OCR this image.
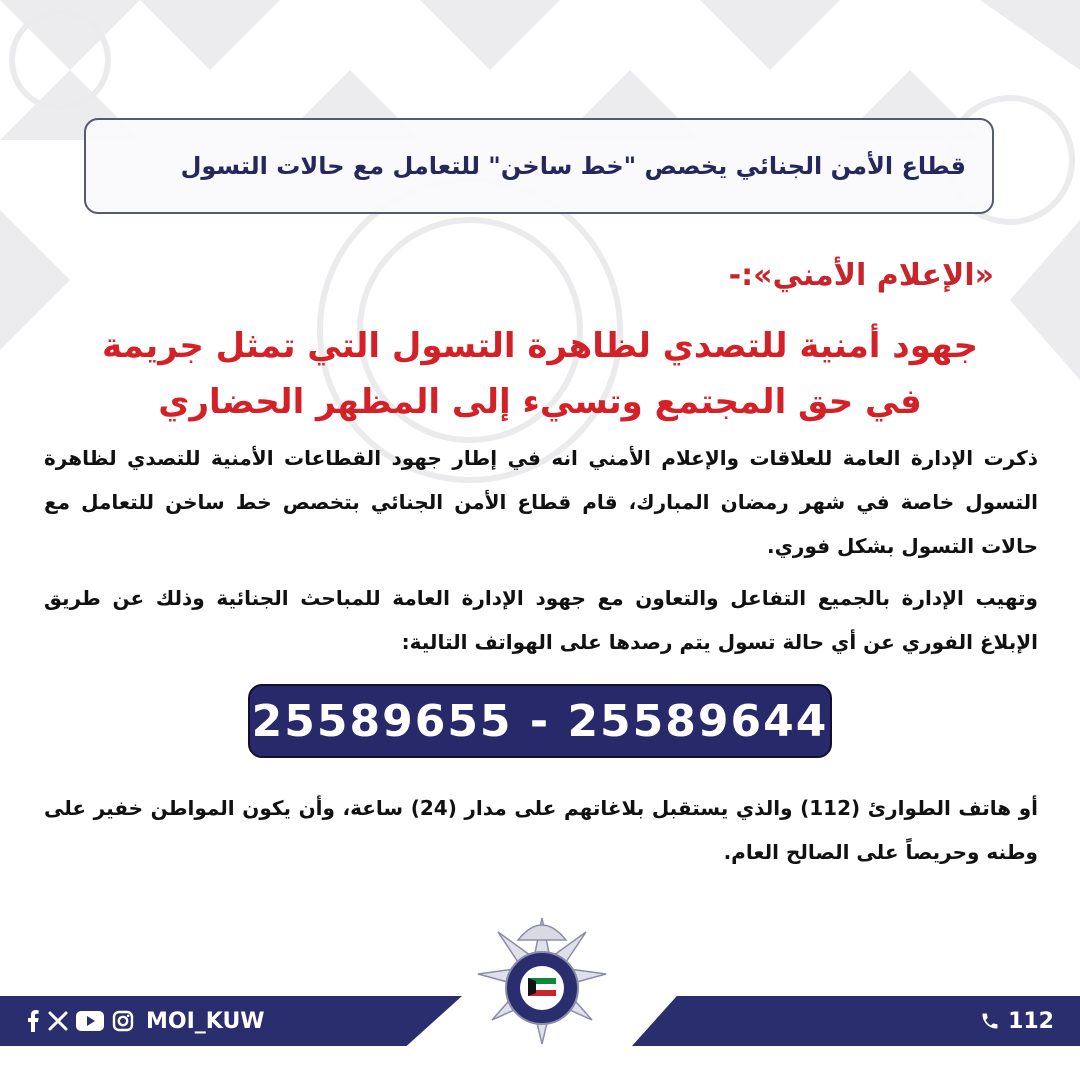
قطاع الأمن الجنائي يخصص "خط ساخن" للتعامل مع حالات التسول
«الإعلام الأمني»:-
جهود أمنية للتصدي لظاهرة التسول التي تمثل جريمة
في حق المجتمع وتسيء إلى المظهر الحضاري
ذكرت الإدارة العامة للعلاقات والإعلام الأمني انه في إطار جهود القطاعات الأمنية للتصدي لظاهرة التسول خاصة في شهر رمضان المبارك، قام قطاع الأمن الجنائي بتخصص خط ساخن للتعامل مع حالات التسول بشكل فوري.
وتهيب الإدارة بالجميع التفاعل والتعاون مع جهود الإدارة العامة للمباحث الجنائية وذلك عن طريق الإبلاغ الفوري عن أي حالة تسول يتم رصدها على الهواتف التالية:
25589655 - 25589644
أو هاتف الطوارئ (112) والذي يستقبل بلاغاتهم على مدار (24) ساعة، وأن يكون المواطن خفير على وطنه وحريصاً على الصالح العام.
MOI_KUW	112
